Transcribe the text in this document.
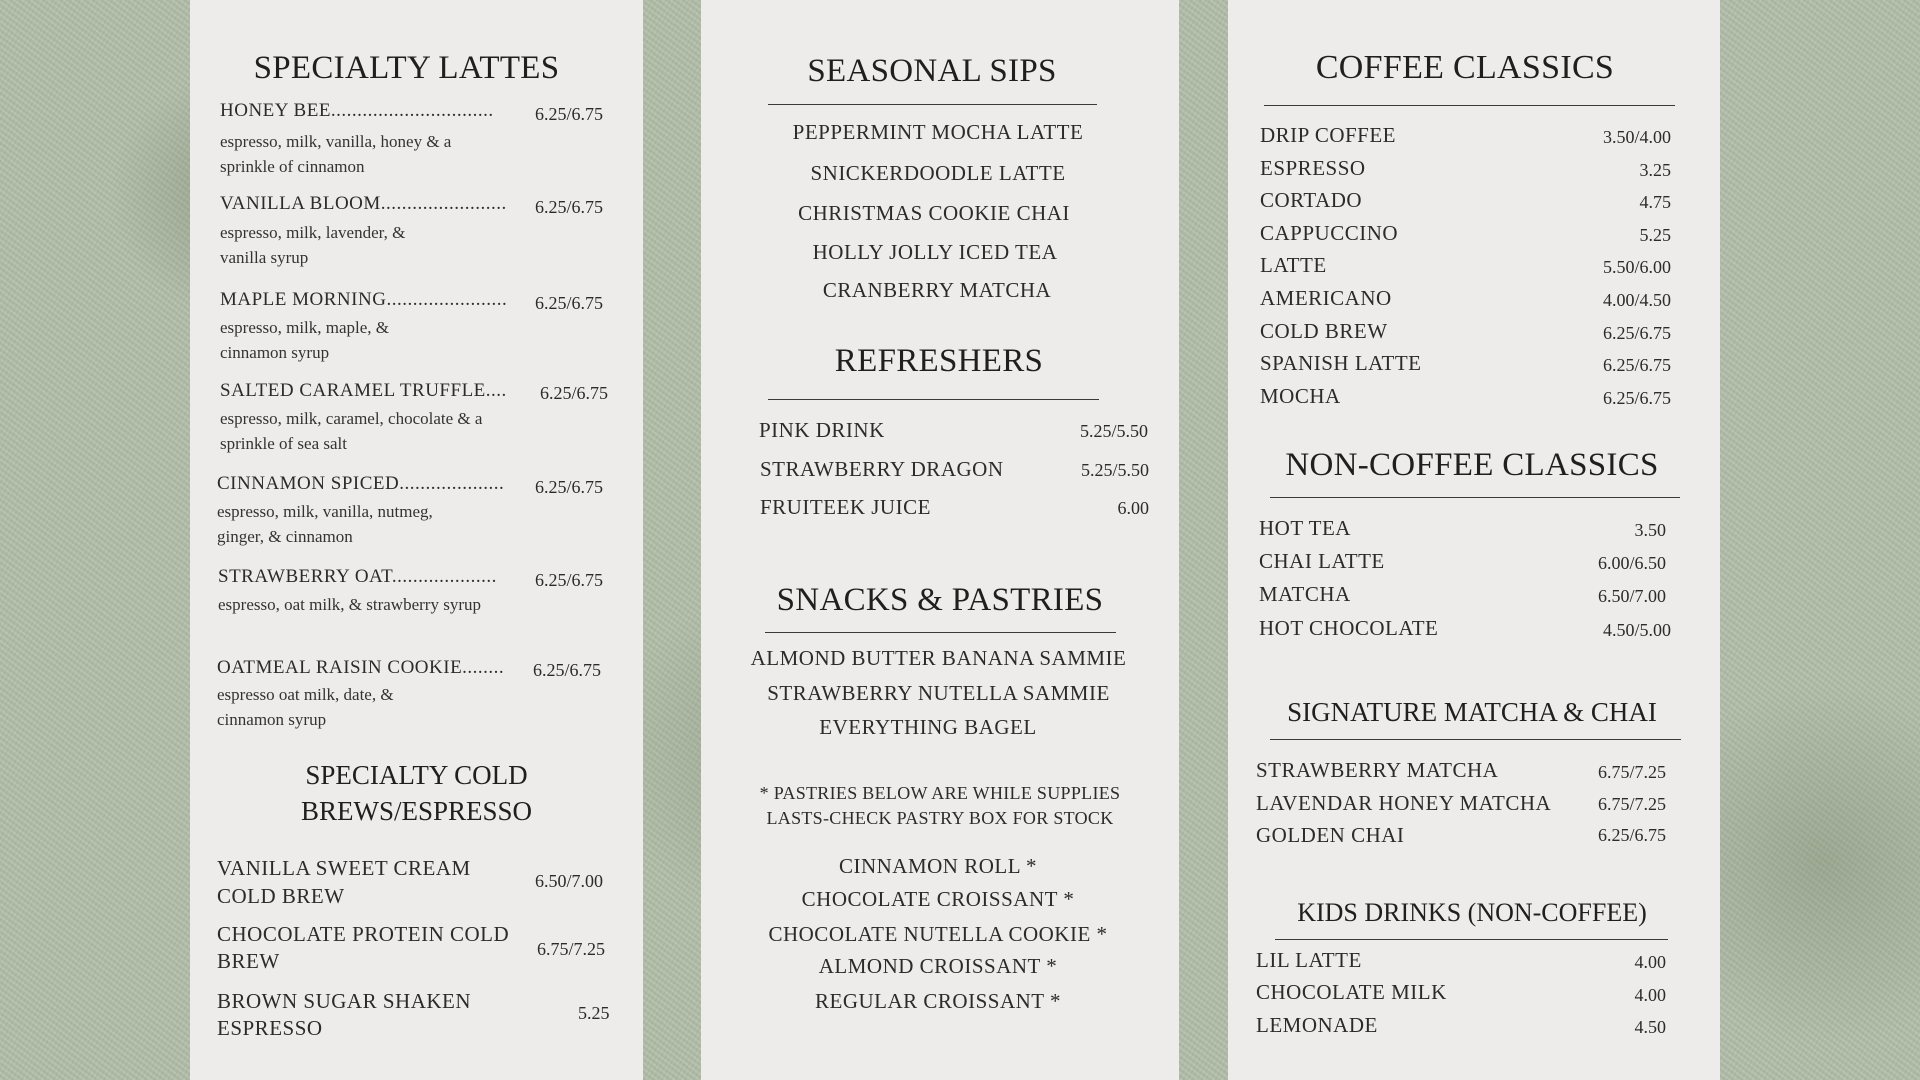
SPECIALTY LATTES
HONEY BEE............................... 6.25/6.75
espresso, milk, vanilla, honey & a sprinkle of cinnamon
VANILLA BLOOM........................ 6.25/6.75
espresso, milk, lavender, & vanilla syrup
MAPLE MORNING....................... 6.25/6.75
espresso, milk, maple, & cinnamon syrup
SALTED CARAMEL TRUFFLE.... 6.25/6.75
espresso, milk, caramel, chocolate & a sprinkle of sea salt
CINNAMON SPICED.................... 6.25/6.75
espresso, milk, vanilla, nutmeg, ginger, & cinnamon
STRAWBERRY OAT.................... 6.25/6.75
espresso, oat milk, & strawberry syrup
OATMEAL RAISIN COOKIE........ 6.25/6.75
espresso oat milk, date, & cinnamon syrup
SPECIALTY COLD
BREWS/ESPRESSO
VANILLA SWEET CREAM
COLD BREW
6.50/7.00
CHOCOLATE PROTEIN COLD
BREW	6.75/7.25
BROWN SUGAR SHAKEN
ESPRESSO
5.25
SEASONAL SIPS
PEPPERMINT MOCHA LATTE
SNICKERDOODLE LATTE
CHRISTMAS COOKIE CHAI
HOLLY JOLLY ICED TEA
CRANBERRY MATCHA
REFRESHERS
PINK DRINK	5.25/5.50
STRAWBERRY DRAGON	5.25/5.50
FRUITEEK JUICE	6.00
SNACKS & PASTRIES
ALMOND BUTTER BANANA SAMMIE
STRAWBERRY NUTELLA SAMMIE
EVERYTHING BAGEL
* PASTRIES BELOW ARE WHILE SUPPLIES
LASTS-CHECK PASTRY BOX FOR STOCK
CINNAMON ROLL *
CHOCOLATE CROISSANT *
CHOCOLATE NUTELLA COOKIE *
ALMOND CROISSANT *
REGULAR CROISSANT *
COFFEE CLASSICS
NON-COFFEE CLASSICS
HOT TEA	3.50
CHAI LATTE	6.00/6.50
MATCHA	6.50/7.00
HOT CHOCOLATE	4.50/5.00
SIGNATURE MATCHA & CHAI
STRAWBERRY MATCHA	6.75/7.25
LAVENDAR HONEY MATCHA	6.75/7.25
GOLDEN CHAI	6.25/6.75
KIDS DRINKS (NON-COFFEE)
LIL LATTE	4.00
CHOCOLATE MILK	4.00
LEMONADE	4.50
DRIP COFFEE	3.50/4.00
ESPRESSO	3.25
CORTADO	4.75
CAPPUCCINO	5.25
LATTE	5.50/6.00
AMERICANO	4.00/4.50
COLD BREW	6.25/6.75
SPANISH LATTE	6.25/6.75
MOCHA	6.25/6.75
